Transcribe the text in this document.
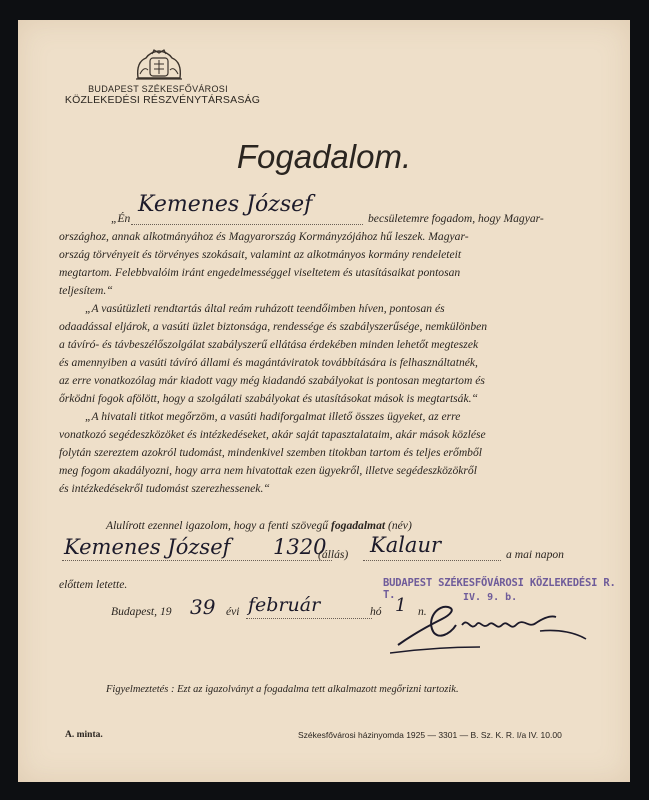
BUDAPEST SZÉKESFŐVÁROSI
KÖZLEKEDÉSI RÉSZVÉNYTÁRSASÁG
Fogadalom.
„Én
Kemenes József
becsületemre fogadom, hogy Magyar-
országhoz, annak alkotmányához és Magyarország Kormányzójához hű leszek. Magyar-
ország törvényeit és törvényes szokásait, valamint az alkotmányos kormány rendeleteit
megtartom. Felebbvalóim iránt engedelmességgel viseltetem és utasításaikat pontosan
teljesítem.“
„A vasútüzleti rendtartás által reám ruházott teendőimben híven, pontosan és
odaadással eljárok, a vasúti üzlet biztonsága, rendessége és szabályszerűsége, nemkülönben
a távíró- és távbeszélőszolgálat szabályszerű ellátása érdekében minden lehetőt megteszek
és amennyiben a vasúti távíró állami és magántáviratok továbbítására is felhasználtatnék,
az erre vonatkozólag már kiadott vagy még kiadandó szabályokat is pontosan megtartom és
őrködni fogok afölött, hogy a szolgálati szabályokat és utasításokat mások is megtartsák.“
„A hivatali titkot megőrzöm, a vasúti hadiforgalmat illető összes ügyeket, az erre
vonatkozó segédeszközöket és intézkedéseket, akár saját tapasztalataim, akár mások közlése
folytán szereztem azokról tudomást, mindenkivel szemben titokban tartom és teljes erőmből
meg fogom akadályozni, hogy arra nem hivatottak ezen ügyekről, illetve segédeszközökről
és intézkedésekről tudomást szerezhessenek.“
Alulírott ezennel igazolom, hogy a fenti szövegű fogadalmat (név)
Kemenes József 1320
(állás) Kalaur	a mai napon
előttem letette.	BUDAPEST SZÉKESFŐVÁROSI KÖZLEKEDÉSI R. T.	IV. 9. b.
Budapest, 19 39 évi február	hó 1 n.
Figyelmeztetés : Ezt az igazolványt a fogadalma tett alkalmazott megőrizni tartozik.
A. minta.	Székesfővárosi házinyomda 1925 — 3301 — B. Sz. K. R. I/a IV. 10.00
